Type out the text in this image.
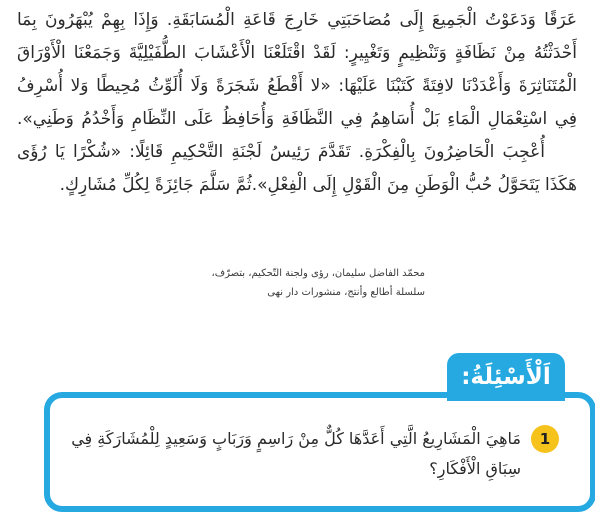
عَرَقًا وَدَعَوْتُ الْجَمِيعَ إِلَى مُصَاحَبَتِي خَارِجَ قَاعَةِ الْمُسَابَقَةِ. وَإِذَا بِهِمْ يُبْهَرُونَ بِمَا

أَحْدَثْتُهُ مِنْ نَظَافَةٍ وَتَنْظِيمٍ وَتَغْيِيرٍ: لَقَدْ اقْتَلَعْنَا الْأَعْشَابَ الطُّفَيْلِيَّةَ وَجَمَعْنَا الْأَوْرَاقَ

الْمُتَنَاثِرَةَ وَأَعْدَدْنَا لافِتَةً كَتَبْنَا عَلَيْهَا: «لا أَقْطَعُ شَجَرَةً وَلَا أُلَوِّثُ مُحِيطًا وَلا أُسْرِفُ

فِي اسْتِعْمَالِ الْمَاءِ بَلْ أُسَاهِمُ فِي النَّظَافَةِ وَأُحَافِظُ عَلَى النِّظَامِ وَأَخْدُمُ وَطَنِي».

أُعْجِبَ الْحَاضِرُونَ بِالْفِكْرَةِ. تَقَدَّمَ رَئِيسُ لَجْنَةِ التَّحْكِيمِ قَائِلًا: «شُكْرًا يَا رُؤَى

هَكَذَا يَتَحَوَّلُ حُبُّ الْوَطَنِ مِنَ الْقَوْلِ إِلَى الْفِعْلِ».ثُمَّ سَلَّمَ جَائِزَةً لِكُلِّ مُشَارِكٍ.

محمّد الفاضل سليمان، رؤى ولجنة التّحكيم، بتصرّف،
سلسلة أطالع وأنتج، منشورات دار نهى
اَلْأَسْئِلَةُ:
1

مَاهِيَ الْمَشَارِيعُ الَّتِي أَعَدَّهَا كُلٌّ مِنْ رَاسِمٍ وَرَبَابٍ وَسَعِيدٍ لِلْمُشَارَكَةِ فِي سِبَاقِ الْأَفْكَارِ؟
